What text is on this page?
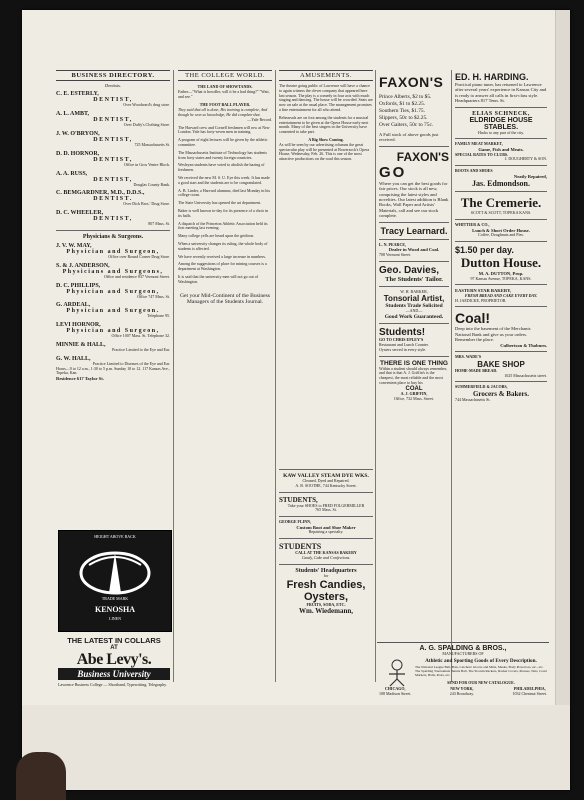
BUSINESS DIRECTORY.
Dentists.
C. E. ESTERLY,
DENTIST,
Over Woodward's drug store.
A. L. AMBT,
DENTIST,
Over Duffy's Clothing Store.
J. W. O'BRYON,
DENTIST,
725 Massachusetts St.
D. D. HORNOR,
DENTIST,
Office in Gros Ventre Block.
A. A. RUSS,
DENTIST,
Douglas County Bank.
C. BEMGARDNER, M.D., D.D.S.,
DENTIST.
Over Dick Bros.' Drug Store.
D. C. WHEELER,
DENTIST,
807 Mass. St.
Physicians & Surgeons.
J. V. W. MAY,
Physician and Surgeon,
Office over Round Corner Drug Store.
S. & J. ANDERSON,
Physicians and Surgeons,
Office and residence 837 Vermont Street.
D. C. PHILLIPS,
Physician and Surgeon,
Office 747 Mass. St.
G. ARDEAL,
Physician and Surgeon.
Telephone 95.
LEVI HORNOR,
Physician and Surgeon,
Office 1007 Mass. St. Telephone 32.
MINNIE & HALL,
Practice Limited to the Eye and Ear.
G. W. HALL,
Practice Limited to Diseases of the Eye and Ear.
Hours—9 to 12 a.m., 1:30 to 5 p.m. Sunday 10 to 12. 117 Kansas Ave., Topeka, Kan.
Residence 617 Taylor St.
HEIGHT ABOVE BACK
KENOSHA
TRADE MARK
LINEN
THE LATEST IN COLLARS
AT
Abe Levy's.
Business University
Lawrence Business College — Shorthand, Typewriting, Telegraphy.
THE COLLEGE WORLD.
THE LAND OF SHOWTANDS.
Father—"What is bowdler, will it be a bad thing?" "Wait, and see."
THE FOOT BALL PLAYER.
They said that all is done, His training is complete, And though he won so knowledge, He did complete that.
—Yale Record.
The Harvard crew and Cornell freshmen will row at New London. Yale has forty-seven men in training.
A program of eight lectures will be given by the athletic committee.
The Massachusetts Institute of Technology has students from forty states and twenty foreign countries.
Wesleyan students have voted to abolish the hazing of freshmen.
We received the new M. S. U. Eye this week. It has made a good start and the students are to be congratulated.
A. B. Linder, a Harvard alumnus, died last Monday in his college room.
The State University has opened the art department.
Baker is well known to-day for its presence of a choir in its halls.
A dispatch of the Princeton Athletic Association held its first meeting last evening.
Many college yells are heard upon the gridiron.
When a university changes its ruling, the whole body of students is affected.
We have recently received a large increase in numbers.
Among the suggestions of place for mining courses is a department at Washington.
It is said that the university men will not go out of Washington.
Get your Mid-Continent of the Business Managers of the Students Journal.
AMUSEMENTS.
The theatre going public of Lawrence will have a chance to again witness the clever company that appeared here last season. The play is a comedy in four acts with much singing and dancing. The house will be crowded. Seats are now on sale at the usual place. The management promises a fine entertainment for all who attend.
Rehearsals are on foot among the students for a musical entertainment to be given at the Opera House early next month. Many of the best singers in the University have consented to take part.
A Big Show Coming.
As will be seen by our advertising columns the great spectacular play will be presented at Bowersock's Opera House, Wednesday, Feb. 26. This is one of the most attractive productions on the road this season.
KAW VALLEY STEAM DYE WKS.
Cleaned, Dyed and Repaired.
A. B. SOOTHE, 744 Kentucky Street.
STUDENTS,
Take your SHOES to FRED FOLGERMILLER
765 Mass. St.
GEORGE FLINN,
Custom Boot and Shoe Maker
Repairing a specialty.
STUDENTS
CALL AT THE KANSAS BAKERY
Candy, Cake and Confections.
Students' Headquarters
for
Fresh Candies,
Oysters,
FRUITS, SODA, ETC.
Wm. Wiedemann,
FAXON'S
Prince Alberts, $2 to $5.
Oxfords, $1 to $2.25.
Southern Ties, $1.75.
Slippers, 50c to $2.25.
Over Gaiters, 50c to 75c.
A Full stock of above goods just received.
FAXON'S
GO
Where you can get the best goods for fair prices. Our stock is all new, comprising the latest styles and novelties. Our latest addition is Blank Books, Wall Paper and Artists' Materials, call and see our stock complete.
Tracy Learnard.
L. N. PEARCE,
Dealer in Wood and Coal.
708 Vermont Street.
Geo. Davies,
The Students' Tailor.
W. H. BARKER,
Tonsorial Artist,
Students Trade Solicited
—AND—
Good Work Guaranteed.
Students!
GO TO CHRIS EPLEY'S
Restaurant and Lunch Counter.
Oysters served in every style.
THERE IS ONE THING
Within a student should always remember, and that is that A. J. Griffin's is the cheapest, the most reliable and the most convenient place to buy his
COAL
A. J. GRIFFIN,
Office, 732 Mass. Street.
ED. H. HARDING.
Practical piano tuner, has returned to Lawrence after several years' experience in Kansas City and is ready to answer all calls in first-class style. Headquarters 817 Tenn. St.
ELIAS SCHNECK,
ELDRIDGE HOUSE STABLES.
Hacks to any part of the city.
FAMILY MEAT MARKET,
Game, Fish and Meats.
SPECIAL RATES TO CLUBS.
J. DOUGHERTY & SON.
BOOTS AND SHOES
Neatly Repaired,
Jas. Edmondson.
The Cremerie.
SCOTT & SCOTT, TOPEKA KANS.
WHITTIER & CO.,
Lunch & Short Order House.
Coffee, Doughnuts and Pies.
$1.50 per day.
Dutton House.
M. A. DUTTON, Prop.
97 Kansas Avenue, TOPEKA, KANS.
EASTERN STAR BAKERY,
FRESH BREAD AND CAKE EVERY DAY.
H. JAEDICKE, PROPRIETOR.
Coal!
Deep into the basement of the Merchants National Bank and give us your orders.
Remember the place.
Culbertson & Thoburn.
MRS. WADE'S
BAKE SHOP
HOME-MADE BREAD.
1025 Massachusetts street.
SUMMERFIELD & JACOBS,
Grocers & Bakers.
744 Massachusetts St.
A. G. SPALDING & BROS.,
MANUFACTURERS OF
Athletic and Sporting Goods of Every Description.
The National League Ball, Bats, Catchers' Gloves and Mitts, Masks, Body Protectors, etc., etc. The Spalding Tournament Tennis Ball, The Slocum Rackets, Racket Covers, Presses, Nets, Court Markers, Balls, Posts, etc.
SEND FOR OUR NEW CATALOGUE.
CHICAGO,
108 Madison Street.
NEW YORK,
243 Broadway.
PHILADELPHIA,
1032 Chestnut Street.
